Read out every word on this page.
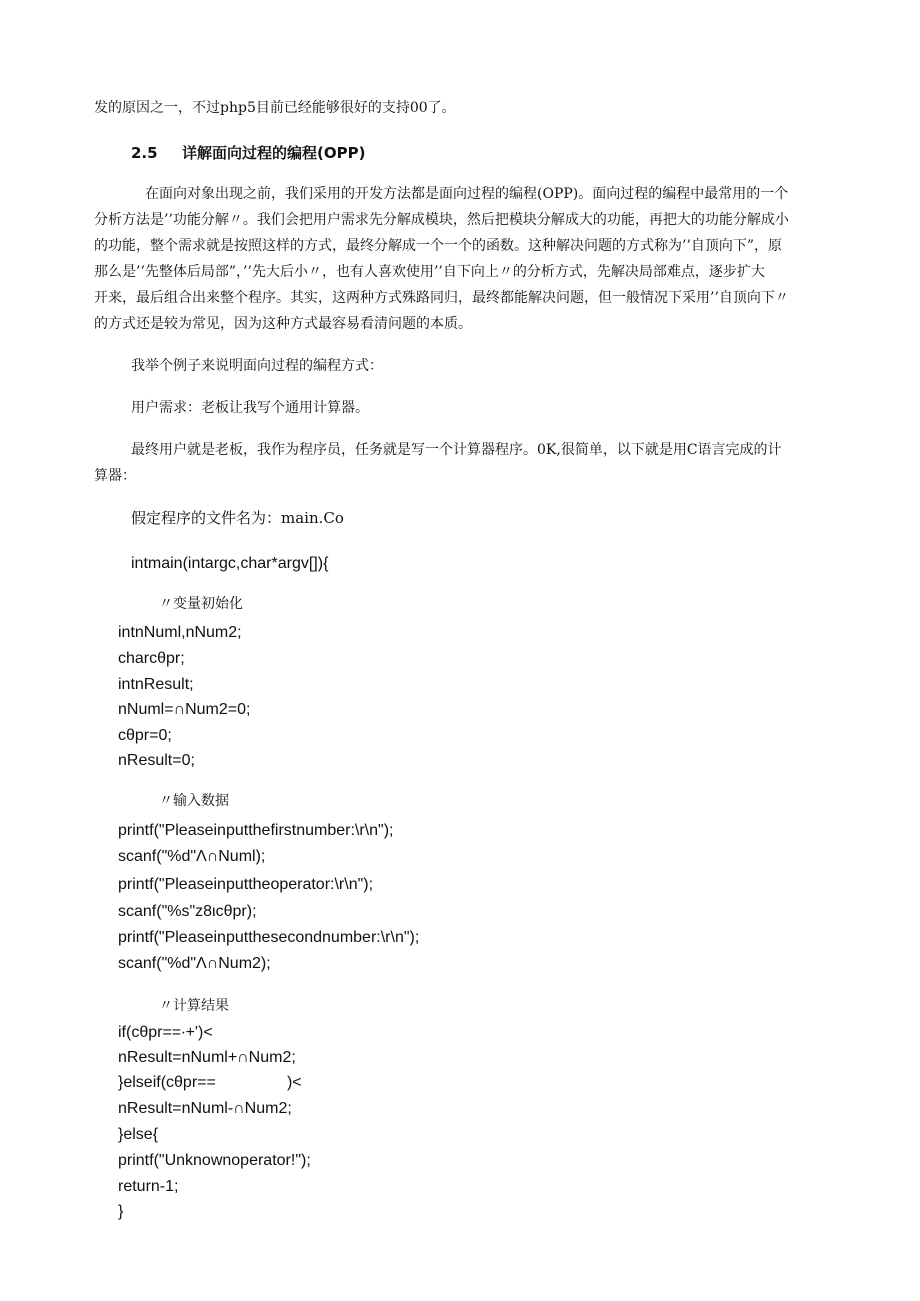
发的原因之一，不过php5目前已经能够很好的支持00了。
2.5 详解面向过程的编程(OPP)
在面向对象出现之前，我们采用的开发方法都是面向过程的编程(OPP)。面向过程的编程中最常用的一个
分析方法是’’功能分解〃。我们会把用户需求先分解成模块，然后把模块分解成大的功能，再把大的功能分解成小
的功能，整个需求就是按照这样的方式，最终分解成一个一个的函数。这种解决问题的方式称为’’自顶向下”，原
那么是’’先整体后局部”，’’先大后小〃，也有人喜欢使用’’自下向上〃的分析方式，先解决局部难点，逐步扩大
开来，最后组合出来整个程序。其实，这两种方式殊路同归，最终都能解决问题，但一般情况下采用’’自顶向下〃
的方式还是较为常见，因为这种方式最容易看清问题的本质。
我举个例子来说明面向过程的编程方式：
用户需求：老板让我写个通用计算器。
最终用户就是老板，我作为程序员，任务就是写一个计算器程序。0K,很简单，以下就是用C语言完成的计
算器：
假定程序的文件名为：main.Co
intmain(intargc,char*argv[]){
〃变量初始化
intnNuml,nNum2;
charcθpr;
intnResult;
nNuml=∩Num2=0;
cθpr=0;
nResult=0;
〃输入数据
printf("Pleaseinputthefirstnumber:\r\n");
scanf("%d"Λ∩Numl);
printf("Pleaseinputtheoperator:\r\n");
scanf("%s"z8ιcθpr);
printf("Pleaseinputthesecondnumber:\r\n");
scanf("%d"Λ∩Num2);
〃计算结果
if(cθpr==∙+')<
nResult=nNuml+∩Num2;
}elseif(cθpr==                )<
nResult=nNuml-∩Num2;
}else{
printf("Unknownoperator!");
return-1;
}
